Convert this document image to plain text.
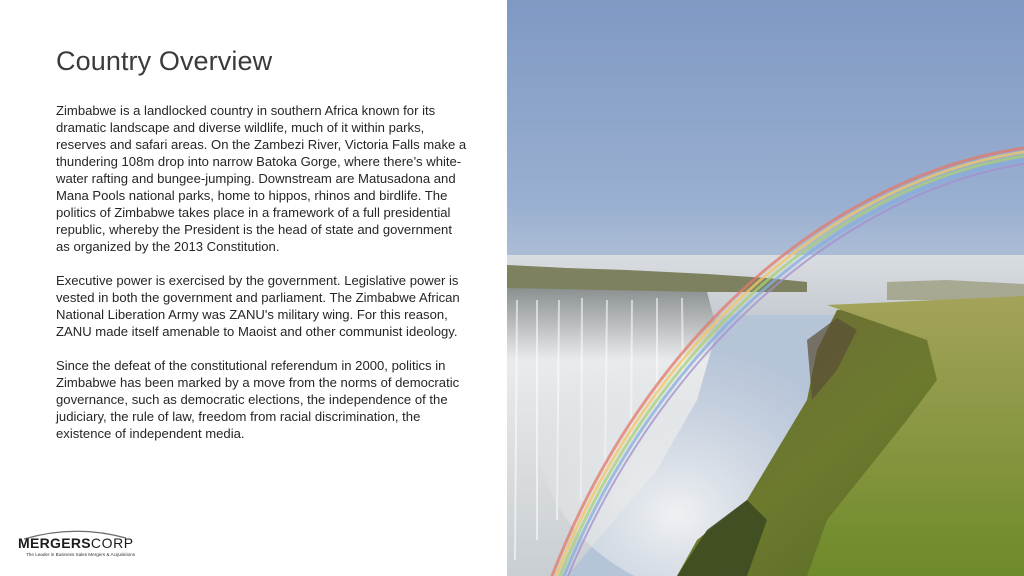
Country Overview

Zimbabwe is a landlocked country in southern Africa known for its dramatic landscape and diverse wildlife, much of it within parks, reserves and safari areas. On the Zambezi River, Victoria Falls make a thundering 108m drop into narrow Batoka Gorge, where there’s white-water rafting and bungee-jumping. Downstream are Matusadona and Mana Pools national parks, home to hippos, rhinos and birdlife. The politics of Zimbabwe takes place in a framework of a full presidential republic, whereby the President is the head of state and government as organized by the 2013 Constitution.

Executive power is exercised by the government. Legislative power is vested in both the government and parliament. The Zimbabwe African National Liberation Army was ZANU's military wing. For this reason, ZANU made itself amenable to Maoist and other communist ideology.

Since the defeat of the constitutional referendum in 2000, politics in Zimbabwe has been marked by a move from the norms of democratic governance, such as democratic elections, the independence of the judiciary, the rule of law, freedom from racial discrimination, the existence of independent media.

MERGERSCORP
The Leader in Business Sales Mergers & Acquisitions
